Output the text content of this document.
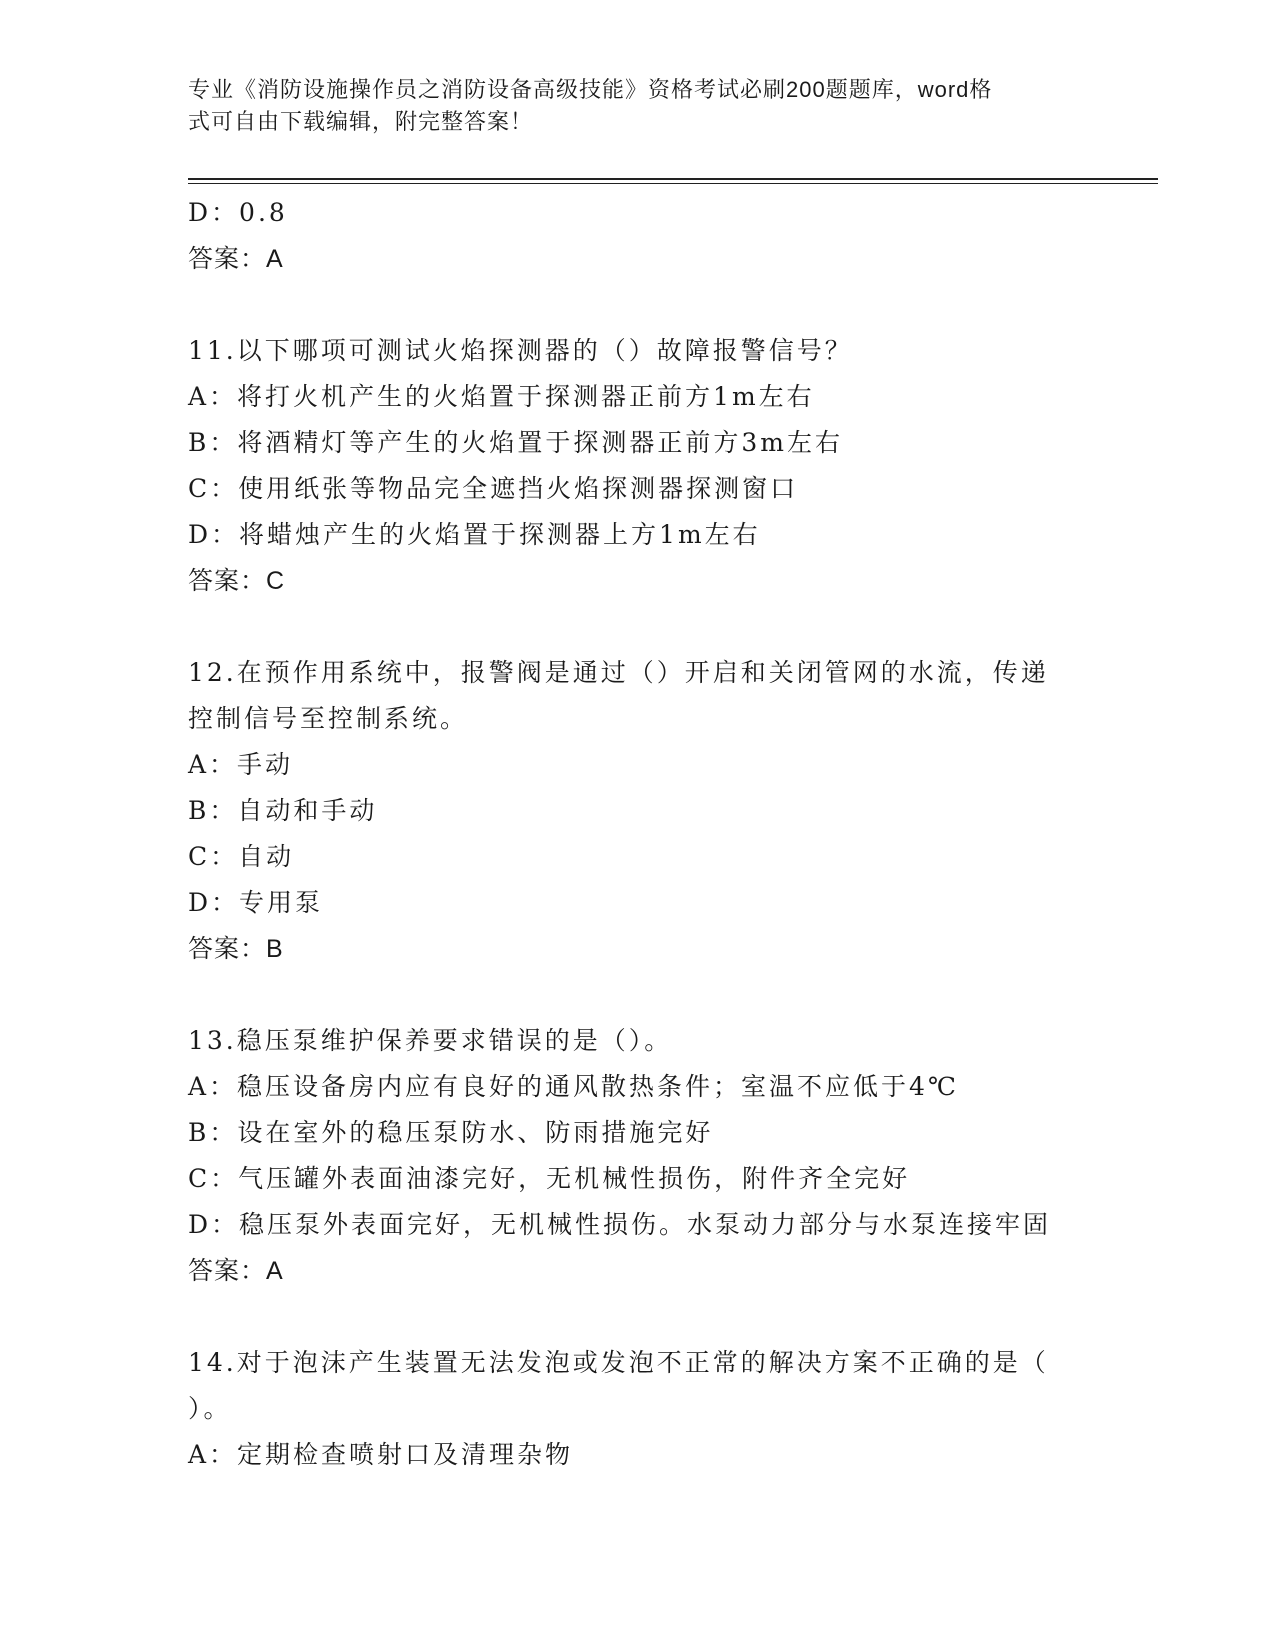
专业《消防设施操作员之消防设备高级技能》资格考试必刷200题题库，word格
式可自由下载编辑，附完整答案！
D：0.8
答案：A
11.以下哪项可测试火焰探测器的（）故障报警信号？
A：将打火机产生的火焰置于探测器正前方1m左右
B：将酒精灯等产生的火焰置于探测器正前方3m左右
C：使用纸张等物品完全遮挡火焰探测器探测窗口
D：将蜡烛产生的火焰置于探测器上方1m左右
答案：C
12.在预作用系统中，报警阀是通过（）开启和关闭管网的水流，传递
控制信号至控制系统。
A：手动
B：自动和手动
C：自动
D：专用泵
答案：B
13.稳压泵维护保养要求错误的是（）。
A：稳压设备房内应有良好的通风散热条件；室温不应低于4℃
B：设在室外的稳压泵防水、防雨措施完好
C：气压罐外表面油漆完好，无机械性损伤，附件齐全完好
D：稳压泵外表面完好，无机械性损伤。水泵动力部分与水泵连接牢固
答案：A
14.对于泡沫产生装置无法发泡或发泡不正常的解决方案不正确的是（
）。
A：定期检查喷射口及清理杂物
